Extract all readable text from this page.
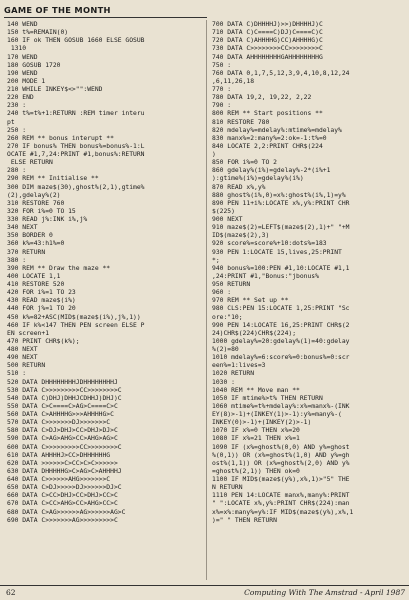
GAME OF THE MONTH
140 WEND
150 t%=REMAIN(0)
160 IF ok THEN GOSUB 1660 ELSE GOSUB
1310
170 WEND
180 GOSUB 1720
190 WEND
200 MODE 1
210 WHILE INKEY$<>"":WEND
220 END
230 :
240 t%=t%+1:RETURN :REM timer interu
pt
250 :
260 REM ** bonus interupt **
270 IF bonus% THEN bonus%=bonus%-1:L
OCATE #1,7,24:PRINT #1,bonus%:RETURN
ELSE RETURN
280 :
290 REM ** Initialise **
300 DIM maze$(30),ghost%(2,1),gtime%
(2),gdelay%(2)
310 RESTORE 760
320 FOR i%=0 TO 15
330 READ j%:INK i%,j%
340 NEXT
350 BORDER 0
360 k%=43:h1%=0
370 RETURN
380 :
390 REM ** Draw the maze **
400 LOCATE 1,1
410 RESTORE 520
420 FOR i%=1 TO 23
430 READ maze$(i%)
440 FOR j%=1 TO 20
450 k%=82+ASC(MID$(maze$(i%),j%,1))
460 IF k%<147 THEN PEN screen ELSE P
EN screen+1
470 PRINT CHR$(k%);
480 NEXT
490 NEXT
500 RETURN
510 :
520 DATA DHHHHHHHHJDHHHHHHHHJ
530 DATA C>>>>>>>>>CC>>>>>>>>C
540 DATA C)DHJ)DHHJCDHHJ)DHJ)C
550 DATA C>C====C>AG>C====C>C
560 DATA C>AHHHHG>>>AHHHHG>C
570 DATA C>>>>>>>DJ>>>>>>>C
580 DATA C>DJ>DHJ>CC>DHJ>DJ>C
590 DATA C>AG>AHG>CC>AHG>AG>C
600 DATA C>>>>>>>>>CC>>>>>>>>C
610 DATA AHHHHJ>CC>DHHHHHHG
620 DATA >>>>>>C>CC>C>C>>>>>>
630 DATA DHHHHHG>C>AG>C>AHHHHJ
640 DATA C>>>>>>AHG>>>>>>>C
650 DATA C>DJ>>>>>DJ>>>>>>DJ>C
660 DATA C>CC>DHJ>CC>DHJ>CC>C
670 DATA C>CC>AHG>CC>AHG>CC>C
680 DATA C>AG>>>>>>AG>>>>>>AG>C
690 DATA C>>>>>>>AG>>>>>>>>>C
700 DATA C)DHHHHJ)>>)DHHHHJ)C
710 DATA C)C====C)DJ)C====C)C
720 DATA C)AHHHHG)CC)AHHHHG)C
730 DATA C>>>>>>>>CC>>>>>>>>C
740 DATA AHHHHHHHHGAHHHHHHHHG
750 :
760 DATA 0,1,7,5,12,3,9,4,10,8,12,24
,6,11,26,18
770 :
780 DATA 19,2, 19,22, 2,22
790 :
800 REM ** Start positions **
810 RESTORE 780
820 mdelay%=mdelay%:mtime%=mdelay%
830 manx%=2:many%=2:ok=-1:t%=0
840 LOCATE 2,2:PRINT CHR$(224
)
850 FOR i%=0 TO 2
860 gdelay%(i%)=gdelay%-2*(i%+1
):gtime%(i%)=gdelay%(i%)
870 READ x%,y%
880 ghost%(i%,0)=x%:ghost%(i%,1)=y%
890 PEN 11+i%:LOCATE x%,y%:PRINT CHR
$(225)
900 NEXT
910 maze$(2)=LEFT$(maze$(2),1)+" "+M
ID$(maze$(2),3)
920 score%=score%+10:dots%=183
930 PEN 1:LOCATE 15,lives,25:PRINT
*;
940 bonus%=100:PEN #1,10:LOCATE #1,1
,24:PRINT #1,"Bonus:"jbonus%
950 RETURN
960 :
970 REM ** Set up **
980 CLS:PEN 15:LOCATE 1,25:PRINT "Sc
ore:"10;
990 PEN 14:LOCATE 16,25:PRINT CHR$(2
24)CHR$(224)CHR$(224);
1000 gdelay%=20:gdelay%(1)=40:gdelay
%(2)=80
1010 mdelay%=6:score%=0:bonus%=0:scr
een%=1:lives=3
1020 RETURN
1030 :
1040 REM ** Move man **
1050 IF mtime%>t% THEN RETURN
1060 mtime%=t%+mdelay%:x%=manx%-(INK
EY(8)>-1)+(INKEY(1)>-1):y%=many%-(
INKEY(0)>-1)+(INKEY(2)>-1)
1070 IF x%=0 THEN x%=20
1080 IF x%=21 THEN x%=1
1090 IF (x%=ghost%(0,0) AND y%=ghost
%(0,1)) OR (x%=ghost%(1,0) AND y%=gh
ost%(1,1)) OR (x%=ghost%(2,0) AND y%
=ghost%(2,1)) THEN ok=0
1100 IF MID$(maze$(y%),x%,1)>"5" THE
N RETURN
1110 PEN 14:LOCATE manx%,many%:PRINT
" ":LOCATE x%,y%:PRINT CHR$(224):man
x%=x%:many%=y%:IF MID$(maze$(y%),x%,1
)=" " THEN RETURN
62	Computing With The Amstrad - April 1987
